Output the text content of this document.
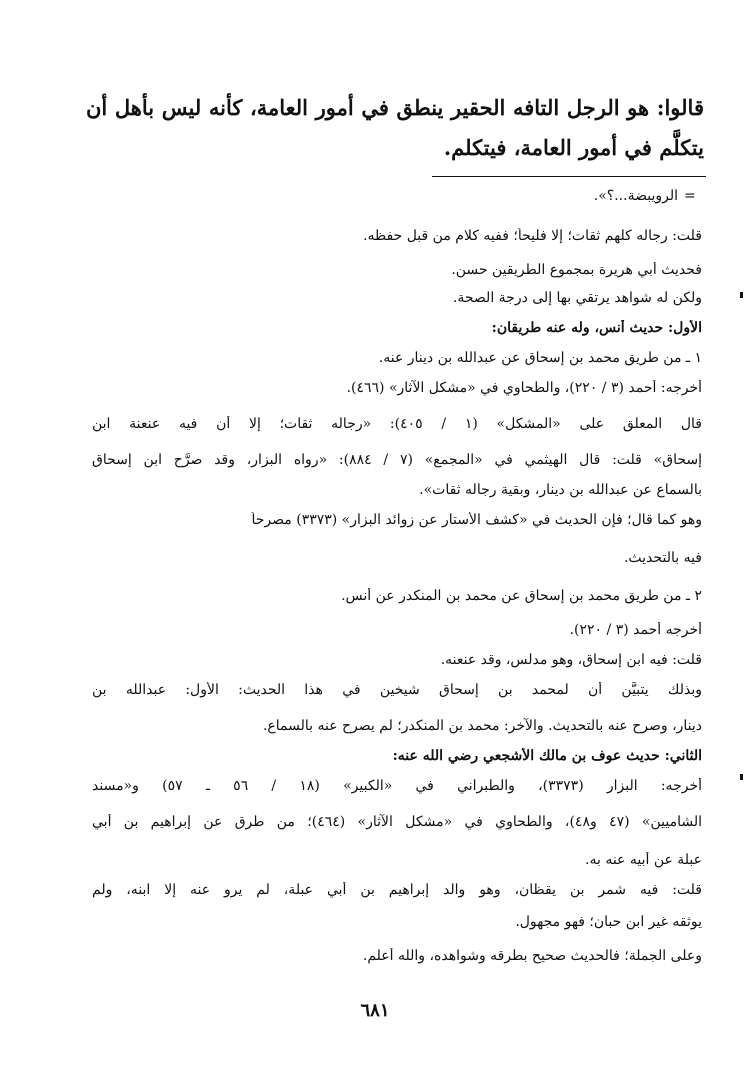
قالوا: هو الرجل التافه الحقير ينطق في أمور العامة، كأنه ليس بأهل أن يتكلَّم في أمور العامة، فيتكلم.
=
الرويبضة...؟».
قلت: رجاله كلهم ثقات؛ إلا فليحاً؛ ففيه كلام من قبل حفظه.
فحديث أبي هريرة بمجموع الطريقين حسن.
ولكن له شواهد يرتقي بها إلى درجة الصحة.
الأول: حديث أنس، وله عنه طريقان:
١ ـ من طريق محمد بن إسحاق عن عبدالله بن دينار عنه.
أخرجه: أحمد (٣ / ٢٢٠)، والطحاوي في «مشكل الآثار» (٤٦٦).
قال المعلق على «المشكل» (١ / ٤٠٥): «رجاله ثقات؛ إلا أن فيه عنعنة ابن
إسحاق» قلت: قال الهيثمي في «المجمع» (٧ / ٨٨٤): «رواه البزار، وقد صرَّح ابن إسحاق
بالسماع عن عبدالله بن دينار، وبقية رجاله ثقات».
وهو كما قال؛ فإن الحديث في «كشف الأستار عن زوائد البزار» (٣٣٧٣) مصرحاً
فيه بالتحديث.
٢ ـ من طريق محمد بن إسحاق عن محمد بن المنكدر عن أنس.
أخرجه أحمد (٣ / ٢٢٠).
قلت: فيه ابن إسحاق، وهو مدلس، وقد عنعنه.
وبذلك يتبيَّن أن لمحمد بن إسحاق شيخين في هذا الحديث: الأول: عبدالله بن
دينار، وصرح عنه بالتحديث. والآخر: محمد بن المنكدر؛ لم يصرح عنه بالسماع.
الثاني: حديث عوف بن مالك الأشجعي رضي الله عنه:
أخرجه: البزار (٣٣٧٣)، والطبراني في «الكبير» (١٨ / ٥٦ ـ ٥٧) و«مسند
الشاميين» (٤٧ و٤٨)، والطحاوي في «مشكل الآثار» (٤٦٤)؛ من طرق عن إبراهيم بن أبي
عبلة عن أبيه عنه به.
قلت: فيه شمر بن يقظان، وهو والد إبراهيم بن أبي عبلة، لم يرو عنه إلا ابنه، ولم
يوثقه غير ابن حبان؛ فهو مجهول.
وعلى الجملة؛ فالحديث صحيح بطرقه وشواهده، والله أعلم.
٦٨١
